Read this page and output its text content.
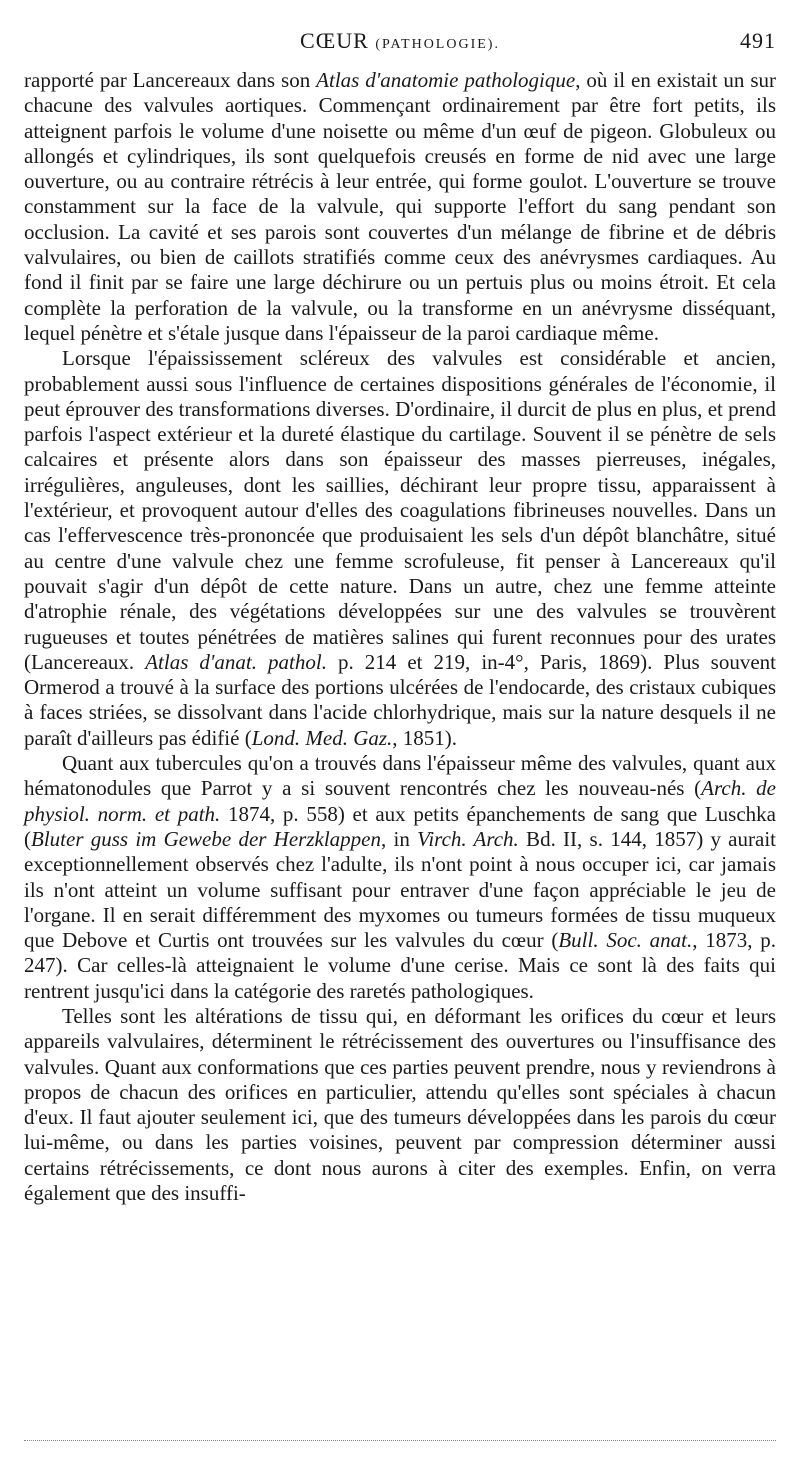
CŒUR (PATHOLOGIE).	491

rapporté par Lancereaux dans son Atlas d'anatomie pathologique, où il en existait un sur chacune des valvules aortiques. Commençant ordinairement par être fort petits, ils atteignent parfois le volume d'une noisette ou même d'un œuf de pigeon. Globuleux ou allongés et cylindriques, ils sont quelquefois creusés en forme de nid avec une large ouverture, ou au contraire rétrécis à leur entrée, qui forme goulot. L'ouverture se trouve constamment sur la face de la valvule, qui supporte l'effort du sang pendant son occlusion. La cavité et ses parois sont couvertes d'un mélange de fibrine et de débris valvulaires, ou bien de caillots stratifiés comme ceux des anévrysmes cardiaques. Au fond il finit par se faire une large déchirure ou un pertuis plus ou moins étroit. Et cela complète la perforation de la valvule, ou la transforme en un anévrysme disséquant, lequel pénètre et s'étale jusque dans l'épaisseur de la paroi cardiaque même.

Lorsque l'épaississement scléreux des valvules est considérable et ancien, probablement aussi sous l'influence de certaines dispositions générales de l'économie, il peut éprouver des transformations diverses. D'ordinaire, il durcit de plus en plus, et prend parfois l'aspect extérieur et la dureté élastique du cartilage. Souvent il se pénètre de sels calcaires et présente alors dans son épaisseur des masses pierreuses, inégales, irrégulières, anguleuses, dont les saillies, déchirant leur propre tissu, apparaissent à l'extérieur, et provoquent autour d'elles des coagulations fibrineuses nouvelles. Dans un cas l'effervescence très-prononcée que produisaient les sels d'un dépôt blanchâtre, situé au centre d'une valvule chez une femme scrofuleuse, fit penser à Lancereaux qu'il pouvait s'agir d'un dépôt de cette nature. Dans un autre, chez une femme atteinte d'atrophie rénale, des végétations développées sur une des valvules se trouvèrent rugueuses et toutes pénétrées de matières salines qui furent reconnues pour des urates (Lancereaux. Atlas d'anat. pathol. p. 214 et 219, in-4°, Paris, 1869). Plus souvent Ormerod a trouvé à la surface des portions ulcérées de l'endocarde, des cristaux cubiques à faces striées, se dissolvant dans l'acide chlorhydrique, mais sur la nature desquels il ne paraît d'ailleurs pas édifié (Lond. Med. Gaz., 1851).

Quant aux tubercules qu'on a trouvés dans l'épaisseur même des valvules, quant aux hématonodules que Parrot y a si souvent rencontrés chez les nouveau-nés (Arch. de physiol. norm. et path. 1874, p. 558) et aux petits épanchements de sang que Luschka (Bluter guss im Gewebe der Herzklappen, in Virch. Arch. Bd. II, s. 144, 1857) y aurait exceptionnellement observés chez l'adulte, ils n'ont point à nous occuper ici, car jamais ils n'ont atteint un volume suffisant pour entraver d'une façon appréciable le jeu de l'organe. Il en serait différemment des myxomes ou tumeurs formées de tissu muqueux que Debove et Curtis ont trouvées sur les valvules du cœur (Bull. Soc. anat., 1873, p. 247). Car celles-là atteignaient le volume d'une cerise. Mais ce sont là des faits qui rentrent jusqu'ici dans la catégorie des raretés pathologiques.

Telles sont les altérations de tissu qui, en déformant les orifices du cœur et leurs appareils valvulaires, déterminent le rétrécissement des ouvertures ou l'insuffisance des valvules. Quant aux conformations que ces parties peuvent prendre, nous y reviendrons à propos de chacun des orifices en particulier, attendu qu'elles sont spéciales à chacun d'eux. Il faut ajouter seulement ici, que des tumeurs développées dans les parois du cœur lui-même, ou dans les parties voisines, peuvent par compression déterminer aussi certains rétrécissements, ce dont nous aurons à citer des exemples. Enfin, on verra également que des insuffi-
